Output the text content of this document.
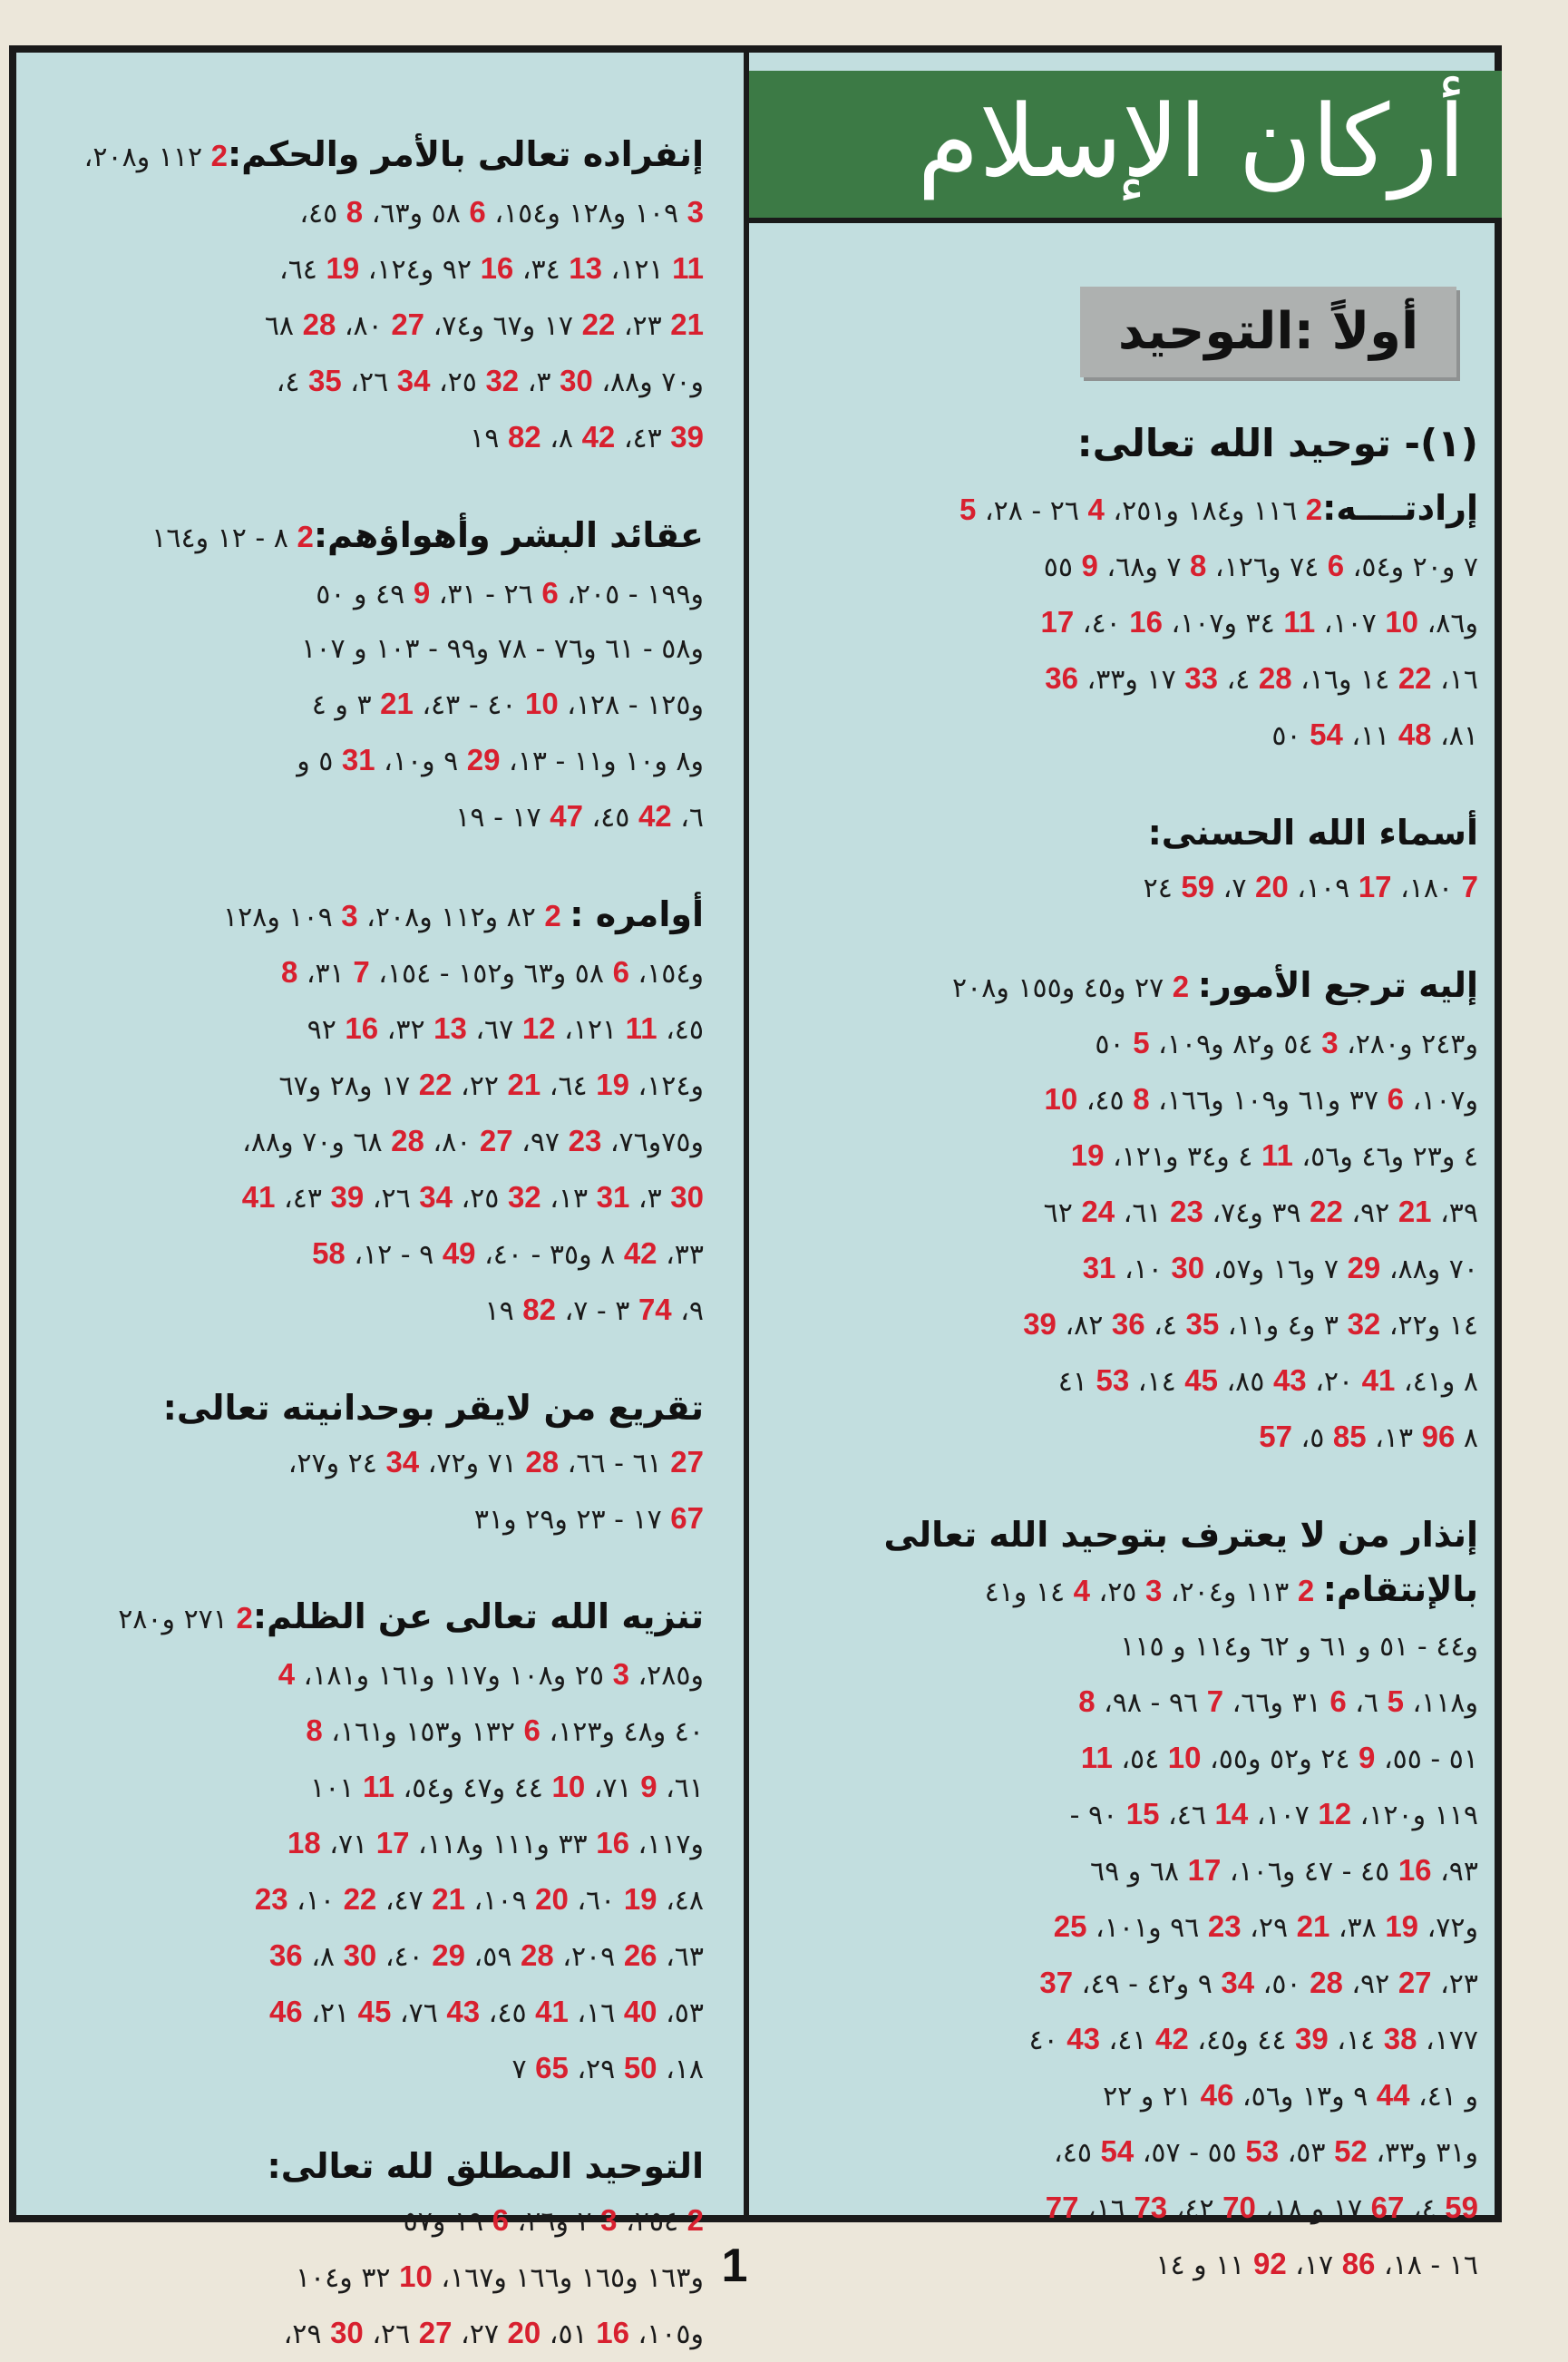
إنفراده تعالى بالأمر والحكم:2 ١١٢ و٢٠٨،
3 ١٠٩ و١٢٨ و١٥٤، 6 ٥٨ و٦٣، 8 ٤٥،
11 ١٢١، 13 ٣٤، 16 ٩٢ و١٢٤، 19 ٦٤،
21 ٢٣، 22 ١٧ و٦٧ و٧٤، 27 ٨٠، 28 ٦٨
و٧٠ و٨٨، 30 ٣، 32 ٢٥، 34 ٢٦، 35 ٤،
39 ٤٣، 42 ٨، 82 ١٩
عقائد البشر وأهواؤهم:2 ٨ - ١٢ و١٦٤
و١٩٩ - ٢٠٥، 6 ٢٦ - ٣١، 9 ٤٩ و ٥٠
و٥٨ - ٦١ و٧٦ - ٧٨ و٩٩ - ١٠٣ و ١٠٧
و١٢٥ - ١٢٨، 10 ٤٠ - ٤٣، 21 ٣ و ٤
و٨ و١٠ و١١ - ١٣، 29 ٩ و١٠، 31 ٥ و
٦، 42 ٤٥، 47 ١٧ - ١٩
أوامره : 2 ٨٢ و١١٢ و٢٠٨، 3 ١٠٩ و١٢٨
و١٥٤، 6 ٥٨ و٦٣ و١٥٢ - ١٥٤، 7 ٣١، 8
٤٥، 11 ١٢١، 12 ٦٧، 13 ٣٢، 16 ٩٢
و١٢٤، 19 ٦٤، 21 ٢٢، 22 ١٧ و٢٨ و٦٧
و٧٥و٧٦، 23 ٩٧، 27 ٨٠، 28 ٦٨ و٧٠ و٨٨،
30 ٣، 31 ١٣، 32 ٢٥، 34 ٢٦، 39 ٤٣، 41
٣٣، 42 ٨ و٣٥ - ٤٠، 49 ٩ - ١٢، 58
٩، 74 ٣ - ٧، 82 ١٩
تقريع من لايقر بوحدانيته تعالى:
27 ٦١ - ٦٦، 28 ٧١ و٧٢، 34 ٢٤ و٢٧،
67 ١٧ - ٢٣ و٢٩ و٣١
تنزيه الله تعالى عن الظلم:2 ٢٧١ و٢٨٠
و٢٨٥، 3 ٢٥ و١٠٨ و١١٧ و١٦١ و١٨١، 4
٤٠ و٤٨ و١٢٣، 6 ١٣٢ و١٥٣ و١٦١، 8
٦١، 9 ٧١، 10 ٤٤ و٤٧ و٥٤، 11 ١٠١
و١١٧، 16 ٣٣ و١١١ و١١٨، 17 ٧١، 18
٤٨، 19 ٦٠، 20 ١٠٩، 21 ٤٧، 22 ١٠، 23
٦٣، 26 ٢٠٩، 28 ٥٩، 29 ٤٠، 30 ٨، 36
٥٣، 40 ١٦، 41 ٤٥، 43 ٧٦، 45 ٢١، 46
١٨، 50 ٢٩، 65 ٧
التوحيد المطلق لله تعالى:
2 ٢٥٤، 3 ٢ و٢٦، 6 ١٩ و٥٧
و١٦٣ و١٦٥ و١٦٦ و١٦٧، 10 ٣٢ و١٠٤
و١٠٥، 16 ٥١، 20 ٢٧، 27 ٢٦، 30 ٢٩،
أركان الإسلام
أولاً :التوحيد
(١)- توحيد الله تعالى:
إرادتــــه:2 ١١٦ و١٨٤ و٢٥١، 4 ٢٦ - ٢٨، 5
٧ و٢٠ و٥٤، 6 ٧٤ و١٢٦، 8 ٧ و٦٨، 9 ٥٥
و٨٦، 10 ١٠٧، 11 ٣٤ و١٠٧، 16 ٤٠، 17
١٦، 22 ١٤ و١٦، 28 ٤، 33 ١٧ و٣٣، 36
٨١، 48 ١١، 54 ٥٠
أسماء الله الحسنى:
7 ١٨٠، 17 ١٠٩، 20 ٧، 59 ٢٤
إليه ترجع الأمور: 2 ٢٧ و٤٥ و١٥٥ و٢٠٨
و٢٤٣ و٢٨٠، 3 ٥٤ و٨٢ و١٠٩، 5 ٥٠
و١٠٧، 6 ٣٧ و٦١ و١٠٩ و١٦٦، 8 ٤٥، 10
٤ و٢٣ و٤٦ و٥٦، 11 ٤ و٣٤ و١٢١، 19
٣٩، 21 ٩٢، 22 ٣٩ و٧٤، 23 ٦١، 24 ٦٢
٧٠ و٨٨، 29 ٧ و١٦ و٥٧، 30 ١٠، 31
١٤ و٢٢، 32 ٣ و٤ و١١، 35 ٤، 36 ٨٢، 39
٨ و٤١، 41 ٢٠، 43 ٨٥، 45 ١٤، 53 ٤١
٨ 96 ١٣، 85 ٥، 57
إنذار من لا يعترف بتوحيد الله تعالى
بالإنتقام: 2 ١١٣ و٢٠٤، 3 ٢٥، 4 ١٤ و٤١
و٤٤ - ٥١ و ٦١ و ٦٢ و١١٤ و ١١٥
و١١٨، 5 ٦، 6 ٣١ و٦٦، 7 ٩٦ - ٩٨، 8
٥١ - ٥٥، 9 ٢٤ و٥٢ و٥٥، 10 ٥٤، 11
١١٩ و١٢٠، 12 ١٠٧، 14 ٤٦، 15 ٩٠ -
٩٣، 16 ٤٥ - ٤٧ و١٠٦، 17 ٦٨ و ٦٩
و٧٢، 19 ٣٨، 21 ٢٩، 23 ٩٦ و١٠١، 25
٢٣، 27 ٩٢، 28 ٥٠، 34 ٩ و٤٢ - ٤٩، 37
١٧٧، 38 ١٤، 39 ٤٤ و٤٥، 42 ٤١، 43 ٤٠
و ٤١، 44 ٩ و١٣ و٥٦، 46 ٢١ و ٢٢
و٣١ و٣٣، 52 ٥٣، 53 ٥٥ - ٥٧، 54 ٤٥،
59 ٤، 67 ١٧ و ١٨، 70 ٤٢، 73 ١٦، 77
١٦ - ١٨، 86 ١٧، 92 ١١ و ١٤
1
